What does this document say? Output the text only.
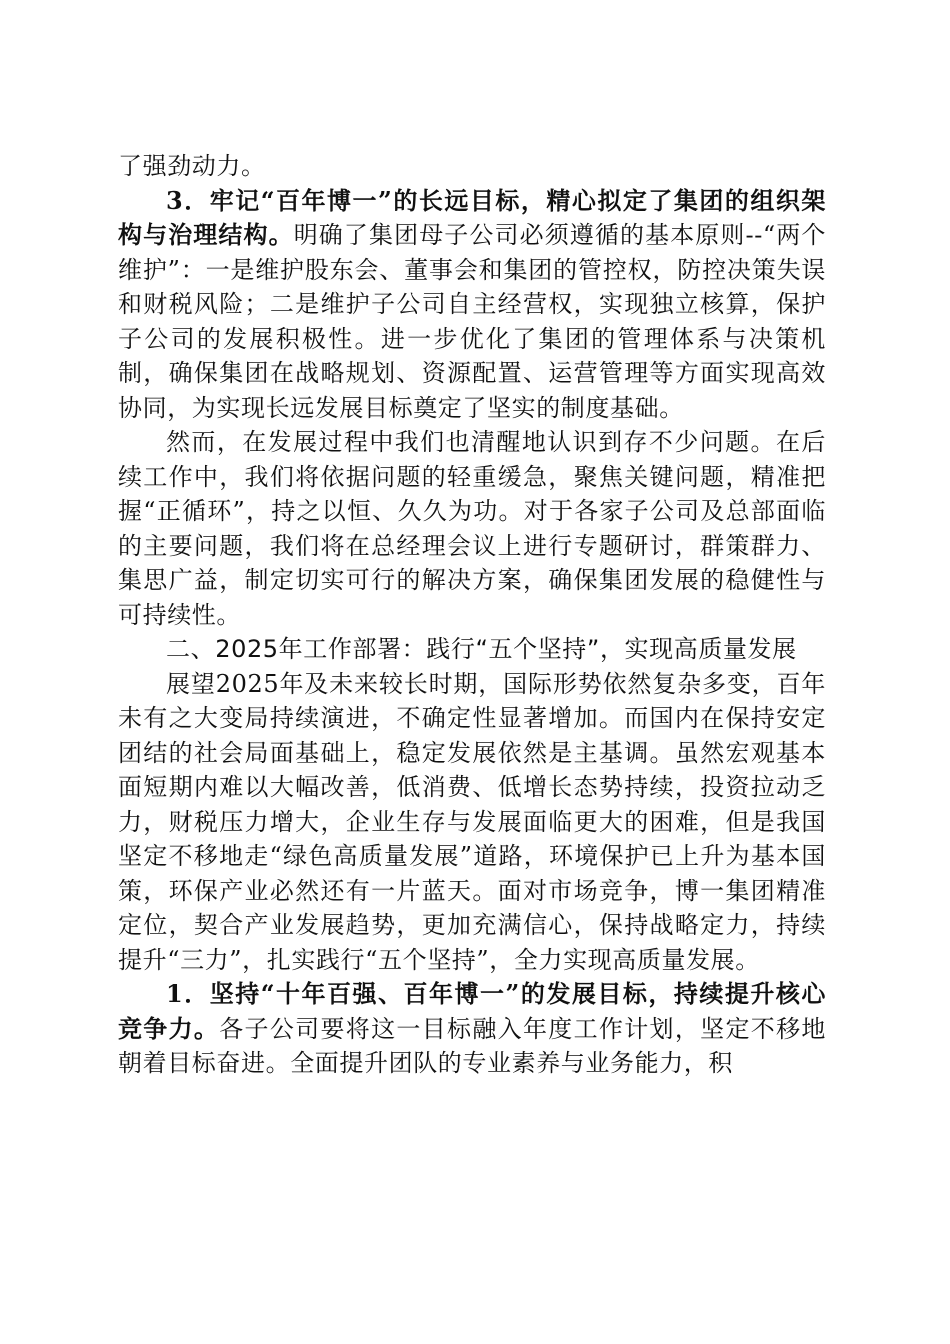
了强劲动力。

3．牢记“百年博一”的长远目标，精心拟定了集团的组织架构与治理结构。明确了集团母子公司必须遵循的基本原则--“两个维护”：一是维护股东会、董事会和集团的管控权，防控决策失误和财税风险；二是维护子公司自主经营权，实现独立核算，保护子公司的发展积极性。进一步优化了集团的管理体系与决策机制，确保集团在战略规划、资源配置、运营管理等方面实现高效协同，为实现长远发展目标奠定了坚实的制度基础。

然而，在发展过程中我们也清醒地认识到存不少问题。在后续工作中，我们将依据问题的轻重缓急，聚焦关键问题，精准把握“正循环”，持之以恒、久久为功。对于各家子公司及总部面临的主要问题，我们将在总经理会议上进行专题研讨，群策群力、集思广益，制定切实可行的解决方案，确保集团发展的稳健性与可持续性。

二、2025年工作部署：践行“五个坚持”，实现高质量发展

展望2025年及未来较长时期，国际形势依然复杂多变，百年未有之大变局持续演进，不确定性显著增加。而国内在保持安定团结的社会局面基础上，稳定发展依然是主基调。虽然宏观基本面短期内难以大幅改善，低消费、低增长态势持续，投资拉动乏力，财税压力增大，企业生存与发展面临更大的困难，但是我国坚定不移地走“绿色高质量发展”道路，环境保护已上升为基本国策，环保产业必然还有一片蓝天。面对市场竞争，博一集团精准定位，契合产业发展趋势，更加充满信心，保持战略定力，持续提升“三力”，扎实践行“五个坚持”，全力实现高质量发展。

1．坚持“十年百强、百年博一”的发展目标，持续提升核心竞争力。各子公司要将这一目标融入年度工作计划，坚定不移地朝着目标奋进。全面提升团队的专业素养与业务能力，积
